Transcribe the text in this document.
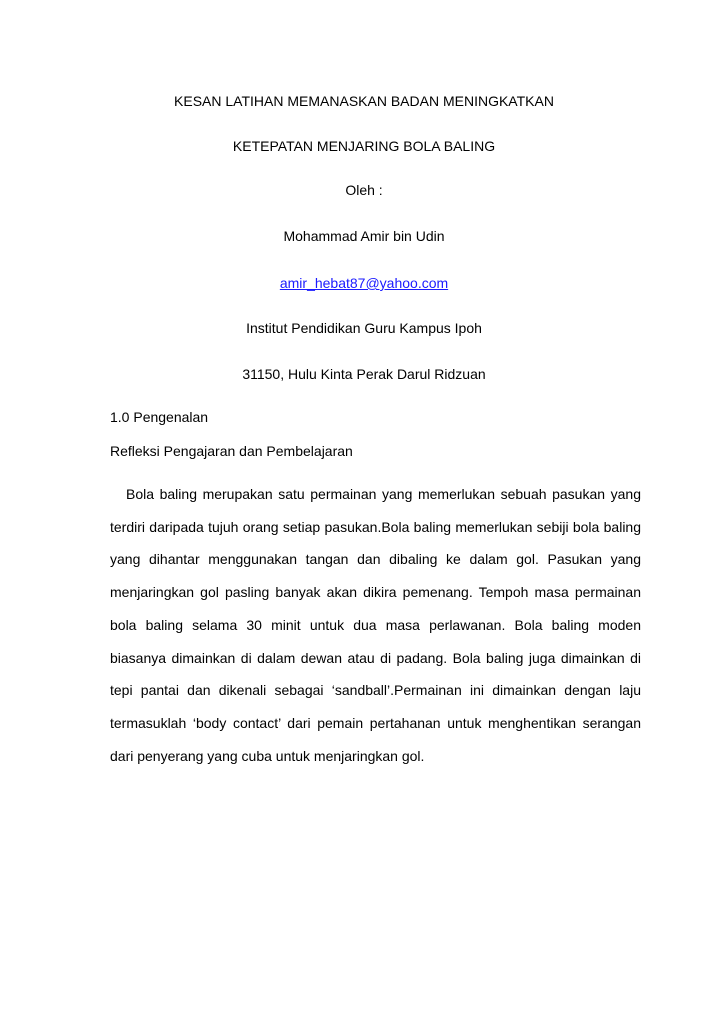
KESAN LATIHAN MEMANASKAN BADAN MENINGKATKAN
KETEPATAN MENJARING BOLA BALING
Oleh :
Mohammad Amir bin Udin
amir_hebat87@yahoo.com
Institut Pendidikan Guru Kampus Ipoh
31150, Hulu Kinta Perak Darul Ridzuan
1.0 Pengenalan
Refleksi Pengajaran dan Pembelajaran

Bola baling merupakan satu permainan yang memerlukan sebuah pasukan yang terdiri daripada tujuh orang setiap pasukan.Bola baling memerlukan sebiji bola baling yang dihantar menggunakan tangan dan dibaling ke dalam gol. Pasukan yang menjaringkan gol pasling banyak akan dikira pemenang. Tempoh masa permainan bola baling selama 30 minit untuk dua masa perlawanan. Bola baling moden biasanya dimainkan di dalam dewan atau di padang. Bola baling juga dimainkan di tepi pantai dan dikenali sebagai ‘sandball’.Permainan ini dimainkan dengan laju termasuklah ‘body contact’ dari pemain pertahanan untuk menghentikan serangan dari penyerang yang cuba untuk menjaringkan gol.
